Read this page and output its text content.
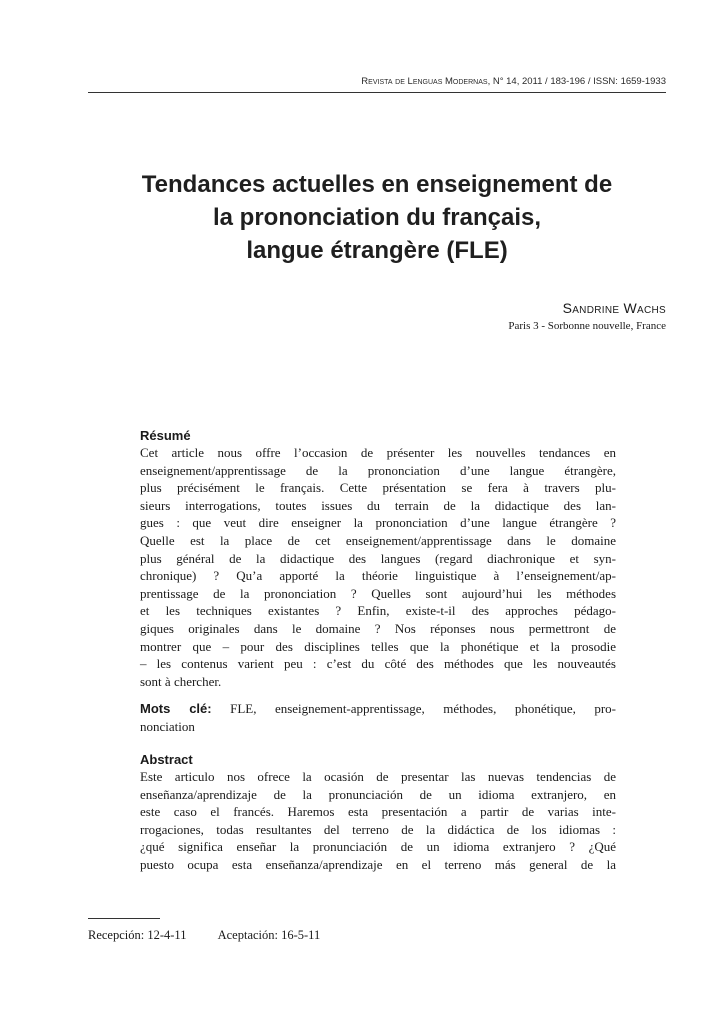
Revista de Lenguas Modernas, N° 14, 2011 / 183-196 / ISSN: 1659-1933
Tendances actuelles en enseignement de
la prononciation du français,
langue étrangère (FLE)
Sandrine Wachs
Paris 3 - Sorbonne nouvelle, France
Résumé
Cet article nous offre l’occasion de présenter les nouvelles tendances en
enseignement/apprentissage de la prononciation d’une langue étrangère,
plus précisément le français. Cette présentation se fera à travers plu-
sieurs interrogations, toutes issues du terrain de la didactique des lan-
gues : que veut dire enseigner la prononciation d’une langue étrangère ?
Quelle est la place de cet enseignement/apprentissage dans le domaine
plus général de la didactique des langues (regard diachronique et syn-
chronique) ? Qu’a apporté la théorie linguistique à l’enseignement/ap-
prentissage de la prononciation ? Quelles sont aujourd’hui les méthodes
et les techniques existantes ? Enfin, existe-t-il des approches pédago-
giques originales dans le domaine ? Nos réponses nous permettront de
montrer que – pour des disciplines telles que la phonétique et la prosodie
– les contenus varient peu : c’est du côté des méthodes que les nouveautés
sont à chercher.
Mots clé: FLE, enseignement-apprentissage, méthodes, phonétique, pro-
nonciation
Abstract
Este articulo nos ofrece la ocasión de presentar las nuevas tendencias de
enseñanza/aprendizaje de la pronunciación de un idioma extranjero, en
este caso el francés. Haremos esta presentación a partir de varias inte-
rrogaciones, todas resultantes del terreno de la didáctica de los idiomas :
¿qué significa enseñar la pronunciación de un idioma extranjero ? ¿Qué
puesto ocupa esta enseñanza/aprendizaje en el terreno más general de la
Recepción: 12-4-11 Aceptación: 16-5-11
